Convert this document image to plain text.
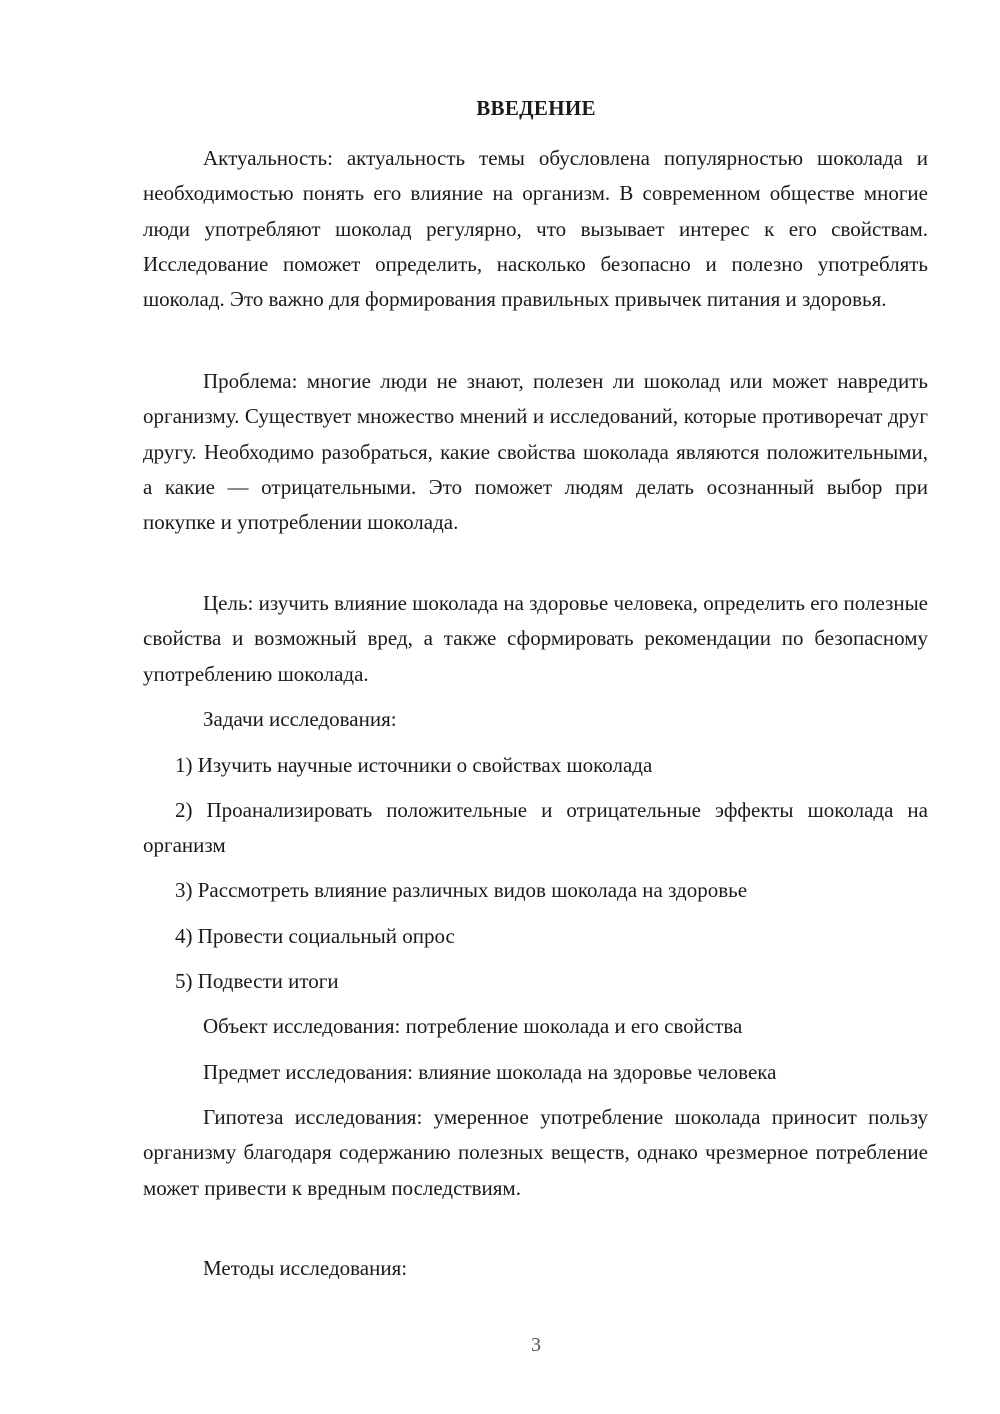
ВВЕДЕНИЕ

Актуальность: актуальность темы обусловлена популярностью шоколада и необходимостью понять его влияние на организм. В современном обществе многие люди употребляют шоколад регулярно, что вызывает интерес к его свойствам. Исследование поможет определить, насколько безопасно и полезно употреблять шоколад. Это важно для формирования правильных привычек питания и здоровья.

Проблема: многие люди не знают, полезен ли шоколад или может навредить организму. Существует множество мнений и исследований, которые противоречат друг другу. Необходимо разобраться, какие свойства шоколада являются положительными, а какие — отрицательными. Это поможет людям делать осознанный выбор при покупке и употреблении шоколада.

Цель: изучить влияние шоколада на здоровье человека, определить его полезные свойства и возможный вред, а также сформировать рекомендации по безопасному употреблению шоколада.

Задачи исследования:

1) Изучить научные источники о свойствах шоколада

2) Проанализировать положительные и отрицательные эффекты шоколада на организм

3) Рассмотреть влияние различных видов шоколада на здоровье

4) Провести социальный опрос

5) Подвести итоги

Объект исследования: потребление шоколада и его свойства

Предмет исследования: влияние шоколада на здоровье человека

Гипотеза исследования: умеренное употребление шоколада приносит пользу организму благодаря содержанию полезных веществ, однако чрезмерное потребление может привести к вредным последствиям.

Методы исследования:

3
